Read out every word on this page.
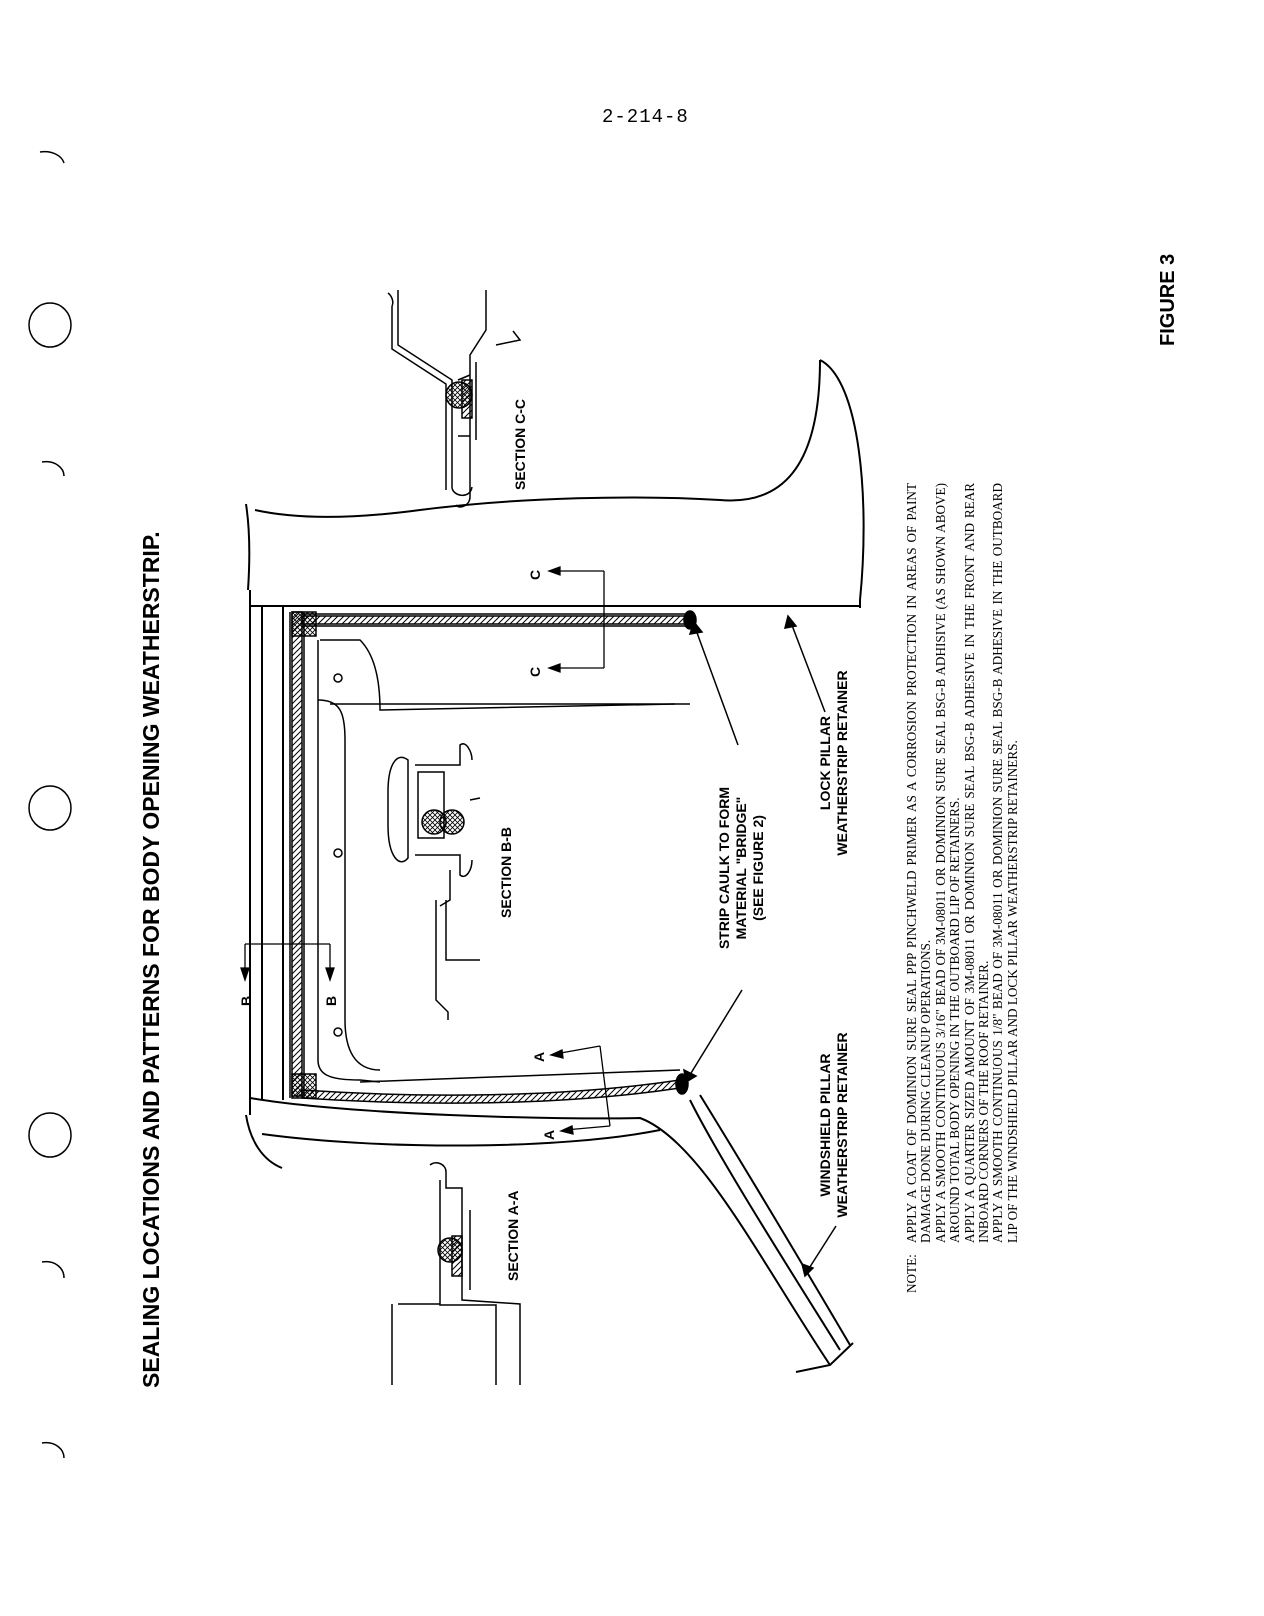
2-214-8
SEALING LOCATIONS AND PATTERNS FOR BODY OPENING WEATHERSTRIP.
FIGURE 3
SECTION C-C
SECTION B-B
SECTION A-A
C
C
B	B
A
A
STRIP CAULK TO FORM MATERIAL "BRIDGE" (SEE FIGURE 2)
LOCK PILLAR WEATHERSTRIP RETAINER
WINDSHIELD PILLAR WEATHERSTRIP RETAINER
NOTE:
APPLY A COAT OF DOMINION SURE SEAL PPP PINCHWELD PRIMER AS A CORROSION PROTECTION IN AREAS OF PAINT DAMAGE DONE DURING CLEANUP OPERATIONS. APPLY A SMOOTH CONTINUOUS 3/16" BEAD OF 3M-08011 OR DOMINION SURE SEAL BSG-B ADHISIVE (AS SHOWN ABOVE) AROUND TOTAL BODY OPENING IN THE OUTBOARD LIP OF RETAINERS. APPLY A QUARTER SIZED AMOUNT OF 3M-08011 OR DOMINION SURE SEAL BSG-B ADHESIVE IN THE FRONT AND REAR INBOARD CORNERS OF THE ROOF RETAINER. APPLY A SMOOTH CONTINUOUS 1/8" BEAD OF 3M-08011 OR DOMINION SURE SEAL BSG-B ADHESIVE IN THE OUTBOARD LIP OF THE WINDSHIELD PILLAR AND LOCK PILLAR WEATHERSTRIP RETAINERS.
